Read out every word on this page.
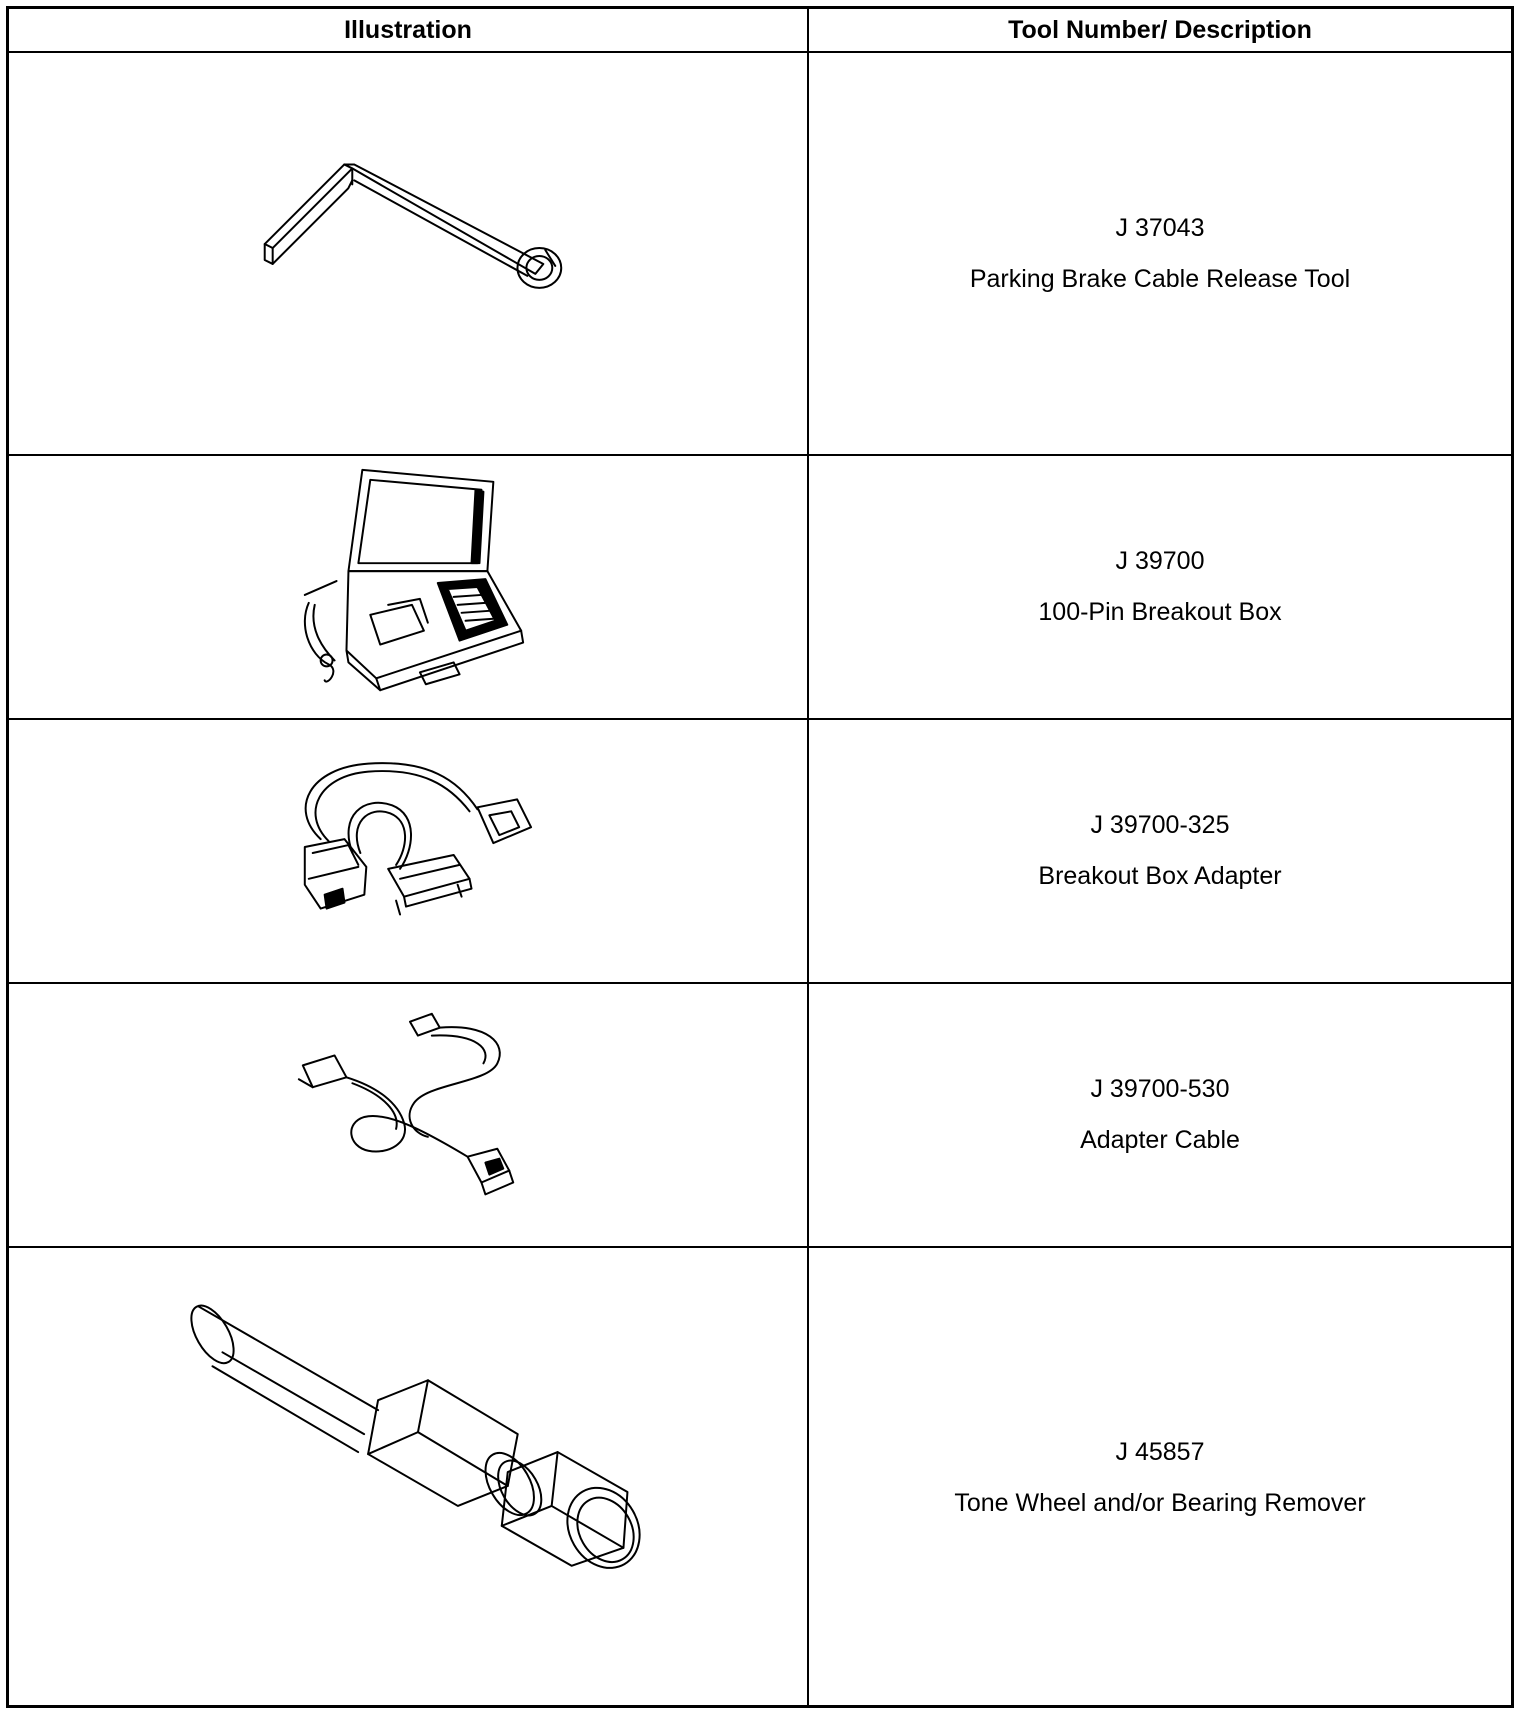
Illustration	Tool Number/ Description
J 37043
Parking Brake Cable Release Tool
J 39700
100-Pin Breakout Box
J 39700-325
Breakout Box Adapter
J 39700-530
Adapter Cable
J 45857
Tone Wheel and/or Bearing Remover
